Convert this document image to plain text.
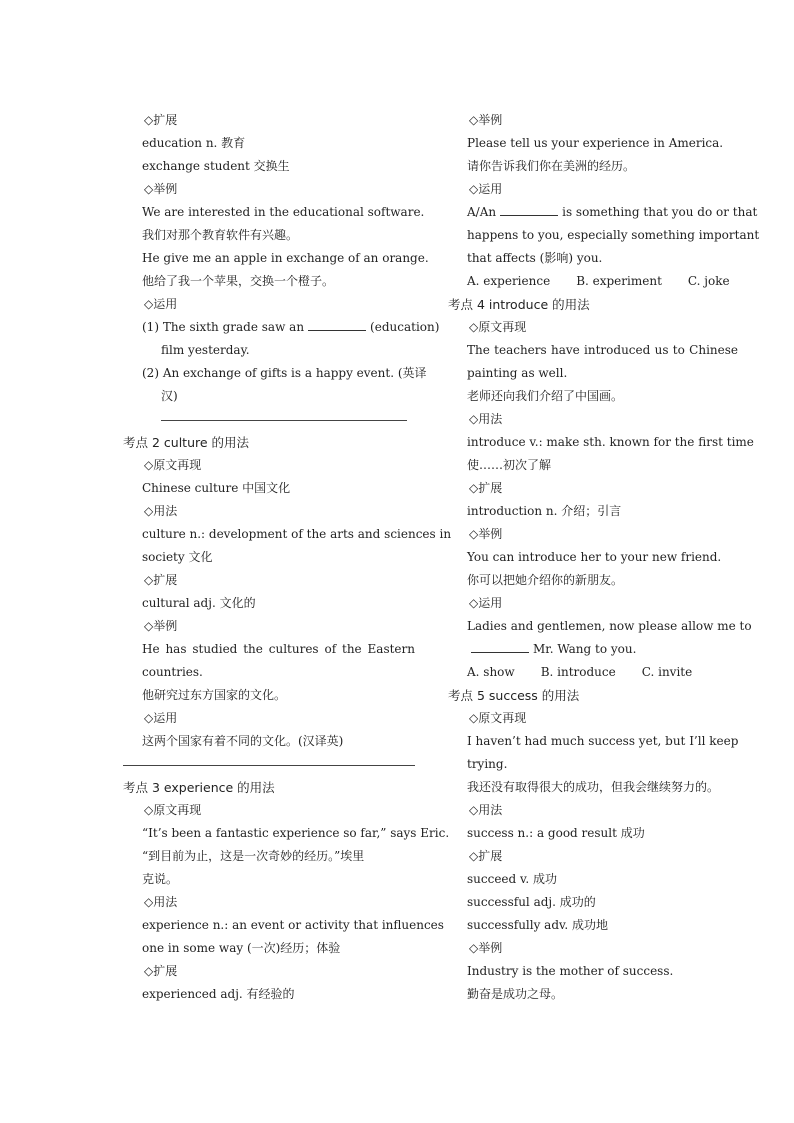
◇扩展
education n. 教育
exchange student 交换生
◇举例
We are interested in the educational software.
我们对那个教育软件有兴趣。
He give me an apple in exchange of an orange.
他给了我一个苹果，交换一个橙子。
◇运用
(1) The sixth grade saw an	(education)
film yesterday.
(2) An exchange of gifts is a happy event. (英译
汉)
考点 2 culture 的用法
◇原文再现
Chinese culture 中国文化
◇用法
culture n.: development of the arts and sciences in
society 文化
◇扩展
cultural adj. 文化的
◇举例
He has studied the cultures of the Eastern
countries.
他研究过东方国家的文化。
◇运用
这两个国家有着不同的文化。(汉译英)
考点 3 experience 的用法
◇原文再现
“It’s been a fantastic experience so far,” says Eric.
“到目前为止，这是一次奇妙的经历。”埃里
克说。
◇用法
experience n.: an event or activity that influences
one in some way (一次)经历；体验
◇扩展
experienced adj. 有经验的
◇举例
Please tell us your experience in America.
请你告诉我们你在美洲的经历。
◇运用
A/An	is something that you do or that
happens to you, especially something important
that affects (影响) you.
A. experience B. experiment C. joke
考点 4 introduce 的用法
◇原文再现
The teachers have introduced us to Chinese
painting as well.
老师还向我们介绍了中国画。
◇用法
introduce v.: make sth. known for the first time
使……初次了解
◇扩展
introduction n. 介绍；引言
◇举例
You can introduce her to your new friend.
你可以把她介绍你的新朋友。
◇运用
Ladies and gentlemen, now please allow me to
Mr. Wang to you.
A. show B. introduce C. invite
考点 5 success 的用法
◇原文再现
I haven’t had much success yet, but I’ll keep
trying.
我还没有取得很大的成功，但我会继续努力的。
◇用法
success n.: a good result 成功
◇扩展
succeed v. 成功
successful adj. 成功的
successfully adv. 成功地
◇举例
Industry is the mother of success.
勤奋是成功之母。
